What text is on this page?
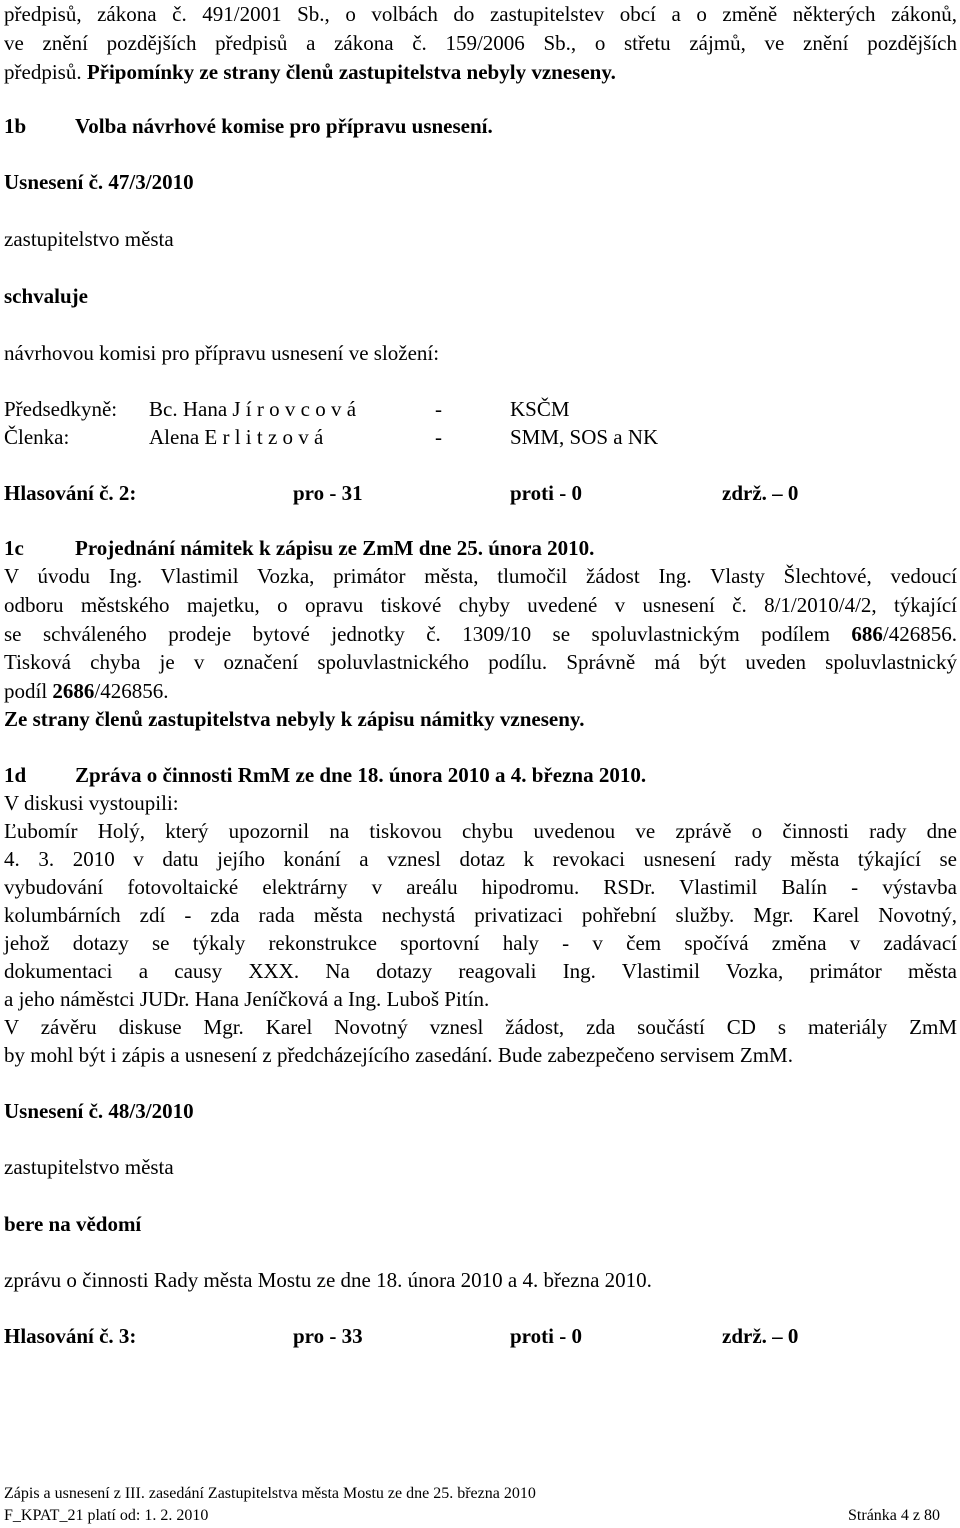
předpisů, zákona č. 491/2001 Sb., o volbách do zastupitelstev obcí a o změně některých zákonů,

ve znění pozdějších předpisů a zákona č. 159/2006 Sb., o střetu zájmů, ve znění pozdějších

předpisů. Připomínky ze strany členů zastupitelstva nebyly vzneseny.

1b Volba návrhové komise pro přípravu usnesení.

Usnesení č. 47/3/2010

zastupitelstvo města

schvaluje

návrhovou komisi pro přípravu usnesení ve složení:

Předsedkyně: Bc. Hana J í r o v c o v á	-	KSČM

Členka:	Alena E r l i t z o v á	-	SMM, SOS a NK

Hlasování č. 2:	pro - 31	proti - 0	zdrž. – 0

1c Projednání námitek k zápisu ze ZmM dne 25. února 2010.

V úvodu Ing. Vlastimil Vozka, primátor města, tlumočil žádost Ing. Vlasty Šlechtové, vedoucí

odboru městského majetku, o opravu tiskové chyby uvedené v usnesení č. 8/1/2010/4/2, týkající

se schváleného prodeje bytové jednotky č. 1309/10 se spoluvlastnickým podílem 686/426856.

Tisková chyba je v označení spoluvlastnického podílu. Správně má být uveden spoluvlastnický

podíl 2686/426856.

Ze strany členů zastupitelstva nebyly k zápisu námitky vzneseny.

1d Zpráva o činnosti RmM ze dne 18. února 2010 a 4. března 2010.

V diskusi vystoupili:

Ľubomír Holý, který upozornil na tiskovou chybu uvedenou ve zprávě o činnosti rady dne

4. 3. 2010 v datu jejího konání a vznesl dotaz k revokaci usnesení rady města týkající se

vybudování fotovoltaické elektrárny v areálu hipodromu. RSDr. Vlastimil Balín - výstavba

kolumbárních zdí - zda rada města nechystá privatizaci pohřební služby. Mgr. Karel Novotný,

jehož dotazy se týkaly rekonstrukce sportovní haly - v čem spočívá změna v zadávací

dokumentaci a causy XXX. Na dotazy reagovali Ing. Vlastimil Vozka, primátor města

a jeho náměstci JUDr. Hana Jeníčková a Ing. Luboš Pitín.

V závěru diskuse Mgr. Karel Novotný vznesl žádost, zda součástí CD s materiály ZmM

by mohl být i zápis a usnesení z předcházejícího zasedání. Bude zabezpečeno servisem ZmM.

Usnesení č. 48/3/2010

zastupitelstvo města

bere na vědomí

zprávu o činnosti Rady města Mostu ze dne 18. února 2010 a 4. března 2010.

Hlasování č. 3:	pro - 33	proti - 0	zdrž. – 0

Zápis a usnesení z III. zasedání Zastupitelstva města Mostu ze dne 25. března 2010

F_KPAT_21 platí od: 1. 2. 2010	Stránka 4 z 80
